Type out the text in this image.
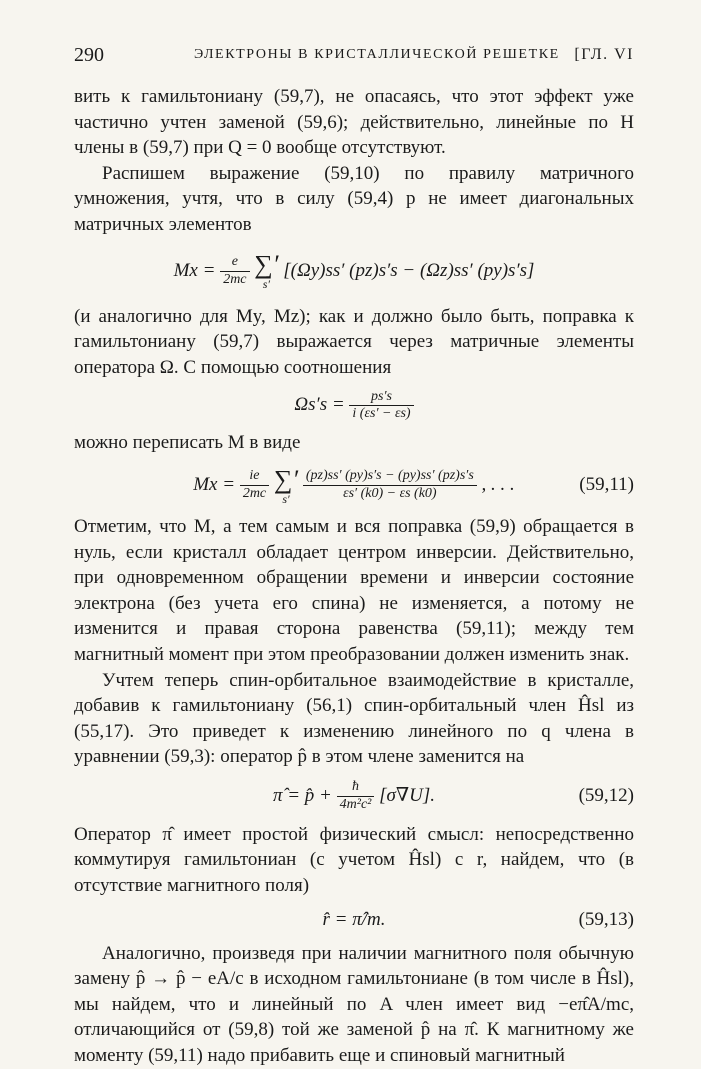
290	ЭЛЕКТРОНЫ В КРИСТАЛЛИЧЕСКОЙ РЕШЕТКЕ [ГЛ. VI

вить к гамильтониану (59,7), не опасаясь, что этот эффект уже частично учтен заменой (59,6); действительно, линейные по H члены в (59,7) при Q = 0 вообще отсутствуют.

Распишем выражение (59,10) по правилу матричного умножения, учтя, что в силу (59,4) p не имеет диагональных матричных элементов

$Mx = \frac{e}{2mc}$ ∑′
s′
[(Ωy)ss′ (pz)s′s − (Ωz)ss′ (py)s′s]

(и аналогично для My, Mz); как и должно было быть, поправка к гамильтониану (59,7) выражается через матричные элементы оператора Ω. С помощью соотношения

$\Omega s's = \frac{ps's}{i (\varepsilon s' - \varepsilon s)}$

можно переписать M в виде

$Mx = \frac{ie}{2mc}$ ∑′
s′
$\frac{(pz)ss' (py)s's - (py)ss' (pz)s's}{\varepsilon s' (k0) - \varepsilon s (k0)}$ , . . .	(59,11)

Отметим, что M, а тем самым и вся поправка (59,9) обращается в нуль, если кристалл обладает центром инверсии. Действительно, при одновременном обращении времени и инверсии состояние электрона (без учета его спина) не изменяется, а потому не изменится и правая сторона равенства (59,11); между тем магнитный момент при этом преобразовании должен изменить знак.

Учтем теперь спин-орбитальное взаимодействие в кристалле, добавив к гамильтониану (56,1) спин-орбитальный член Ĥsl из (55,17). Это приведет к изменению линейного по q члена в уравнении (59,3): оператор p̂ в этом члене заменится на

π̂ = p̂ + $\frac{ħ}{\text{4m²c²}} [\sigma\nabla U]$.	(59,12)

Оператор π̂ имеет простой физический смысл: непосредственно коммутируя гамильтониан (с учетом Ĥsl) с r, найдем, что (в отсутствие магнитного поля)

r̂ = π̂/m.	(59,13)

Аналогично, произведя при наличии магнитного поля обычную замену p̂ → p̂ − eA/c в исходном гамильтониане (в том числе в Ĥsl), мы найдем, что и линейный по A член имеет вид −eπ̂A/mc, отличающийся от (59,8) той же заменой p̂ на π̂. К магнитному же моменту (59,11) надо прибавить еще и спиновый магнитный
